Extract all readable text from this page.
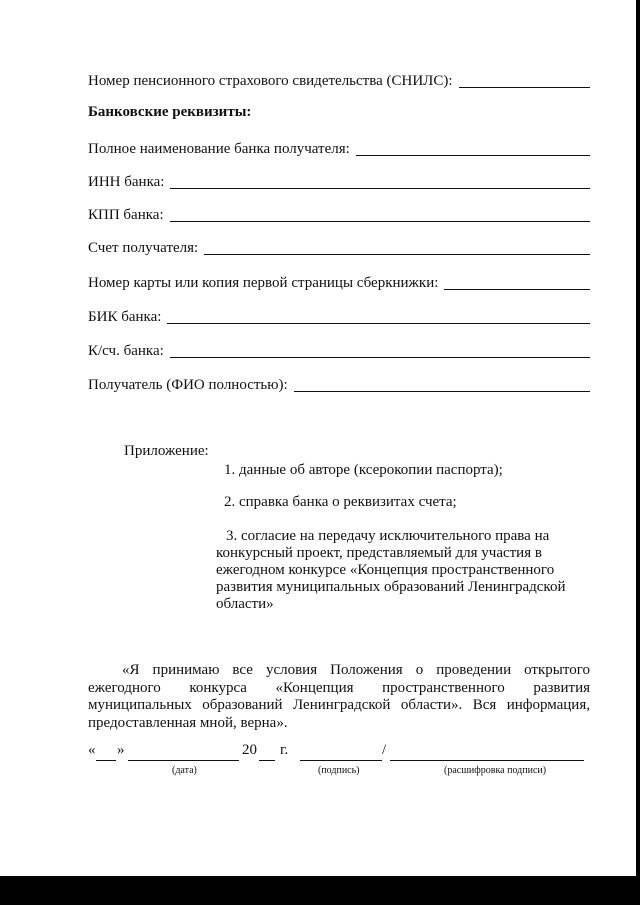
Номер пенсионного страхового свидетельства (СНИЛС):
Банковские реквизиты:
Полное наименование банка получателя:
ИНН банка:
КПП банка:
Счет получателя:
Номер карты или копия первой страницы сберкнижки:
БИК банка:
К/сч. банка:
Получатель (ФИО полностью):
Приложение:
1. данные об авторе (ксерокопии паспорта);
2. справка банка о реквизитах счета;
3. согласие на передачу исключительного права на конкурсный проект, представляемый для участия в ежегодном конкурсе «Концепция пространственного развития муниципальных образований Ленинградской области»
«Я принимаю все условия Положения о проведении открытого ежегодного конкурса «Концепция пространственного развития муниципальных образований Ленинградской области». Вся информация, предоставленная мной, верна».
« »	20 г.	/
(дата)	(подпись)	(расшифровка подписи)
